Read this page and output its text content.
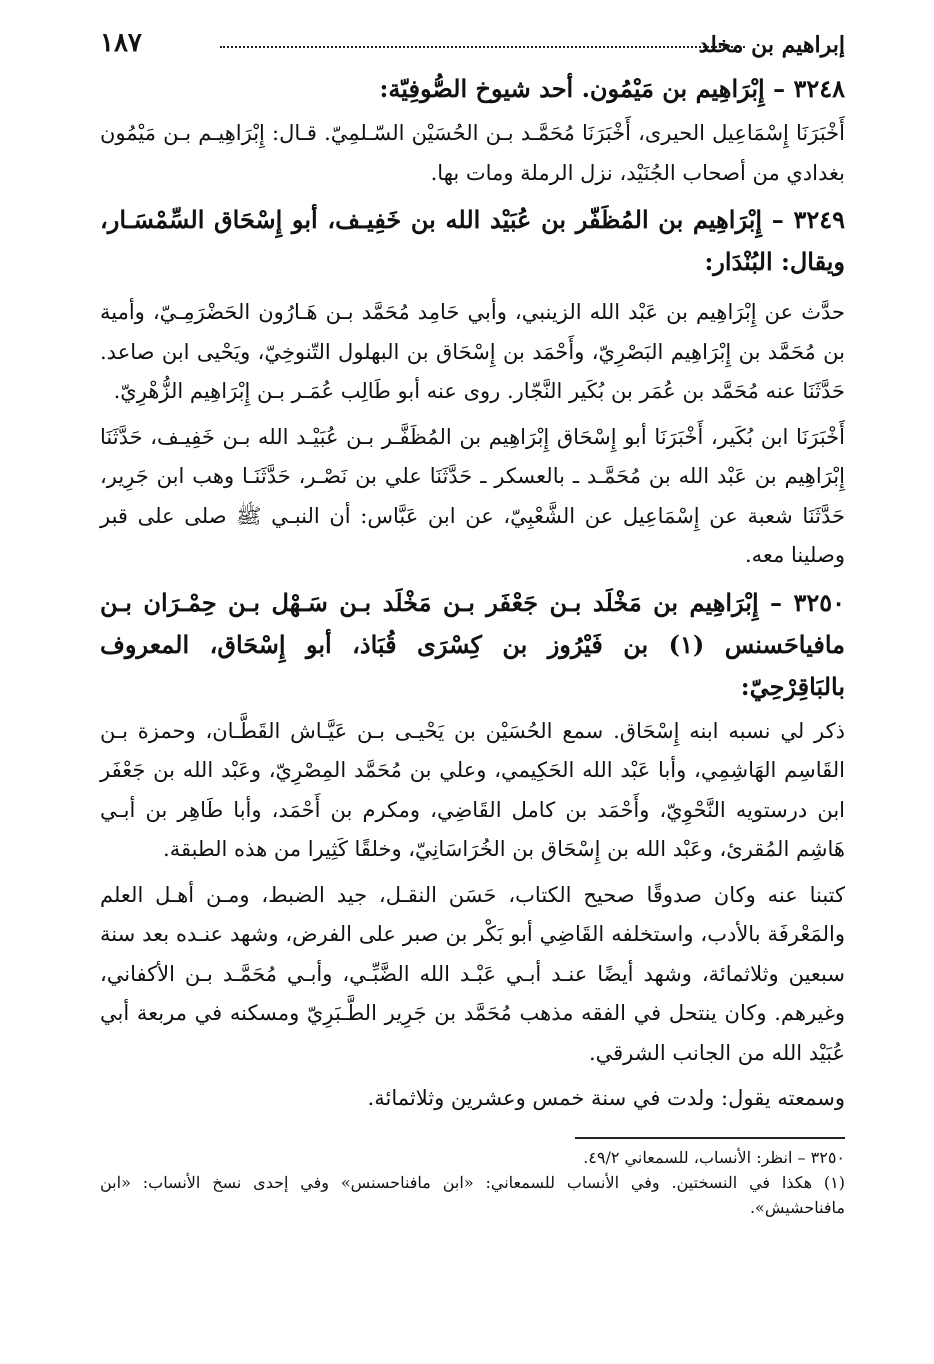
إبراهيم بن مخلد
١٨٧
٣٢٤٨ – إِبْرَاهِيم بن مَيْمُون. أحد شيوخ الصُّوفِيّة:

أَخْبَرَنَا إِسْمَاعِيل الحيرى، أَخْبَرَنَا مُحَمَّـد بـن الحُسَيْن السّـلمِيّ. قـال: إِبْرَاهِيـم بـن مَيْمُون بغدادي من أصحاب الجُنَيْد، نزل الرملة ومات بها.

٣٢٤٩ – إِبْرَاهِيم بن المُظَفّر بن عُبَيْد الله بن خَفِيـف، أبو إِسْحَاق السِّمْسَـار، ويقال: البُنْدَار:

حدَّث عن إِبْرَاهِيم بن عَبْد الله الزينبي، وأبي حَامِد مُحَمَّد بـن هَـارُون الحَضْرَمِـيّ، وأمية بن مُحَمَّد بن إِبْرَاهِيم البَصْرِيّ، وأَحْمَد بن إِسْحَاق بن البهلول التّنوخِيّ، ويَحْيى ابن صاعد. حَدَّثَنَا عنه مُحَمَّد بن عُمَر بن بُكَير النَّجّار. روى عنه أبو طَالِب عُمَـر بـن إِبْرَاهِيم الزُّهْرِيّ.

أَخْبَرَنَا ابن بُكَير، أَخْبَرَنَا أبو إِسْحَاق إِبْرَاهِيم بن المُظَفَّـر بـن عُبَيْـد الله بـن خَفِيـف، حَدَّثَنَا إِبْرَاهِيم بن عَبْد الله بن مُحَمَّـد ـ بالعسكر ـ حَدَّثَنَا علي بن نَصْـر، حَدَّثَنَـا وهب ابن جَرِير، حَدَّثَنَا شعبة عن إِسْمَاعِيل عن الشَّعْبِيّ، عن ابن عَبَّاس: أن النبـي ﷺ صلى على قبر وصلينا معه.

٣٢٥٠ – إِبْرَاهِيم بن مَخْلَد بـن جَعْفَر بـن مَخْلَد بـن سَـهْل بـن حِمْـرَان بـن مافياحَسنس (١) بن فَيْرُوز بن كِسْرَى قُبَاذ، أبو إِسْحَاق، المعروف بالبَاقِرْحِيّ:

ذكر لي نسبه ابنه إِسْحَاق. سمع الحُسَيْن بن يَحْيـى بـن عَيَّـاش القَطَّـان، وحمزة بـن القَاسِم الهَاشِمِي، وأبا عَبْد الله الحَكِيمي، وعلي بن مُحَمَّد المِصْرِيّ، وعَبْد الله بن جَعْفَر ابن درستويه النَّحْوِيّ، وأَحْمَد بن كامل القَاضِي، ومكرم بن أَحْمَد، وأبا طَاهِر بن أبـي هَاشِم المُقرئ، وعَبْد الله بن إِسْحَاق بن الخُرَاسَانِيّ، وخلقًا كَثِيرا من هذه الطبقة.

كتبنا عنه وكان صدوقًا صحيح الكتاب، حَسَن النقـل، جيد الضبط، ومـن أهـل العلم والمَعْرفَة بالأدب، واستخلفه القَاضِي أبو بَكْر بن صبر على الفرض، وشهد عنـده بعد سنة سبعين وثلاثمائة، وشهد أيضًا عنـد أبـي عَبْـد الله الضَّبِّـي، وأبـي مُحَمَّـد بـن الأكفاني، وغيرهم. وكان ينتحل في الفقه مذهب مُحَمَّد بن جَرِير الطَّـبَرِيّ ومسكنه في مربعة أبي عُبَيْد الله من الجانب الشرقي.

وسمعته يقول: ولدت في سنة خمس وعشرين وثلاثمائة.

٣٢٥٠ – انظر: الأنساب، للسمعاني ٤٩/٢.

(١) هكذا في النسختين. وفي الأنساب للسمعاني: «ابن مافناحسنس» وفي إحدى نسخ الأنساب: «ابن مافناحشيش».
